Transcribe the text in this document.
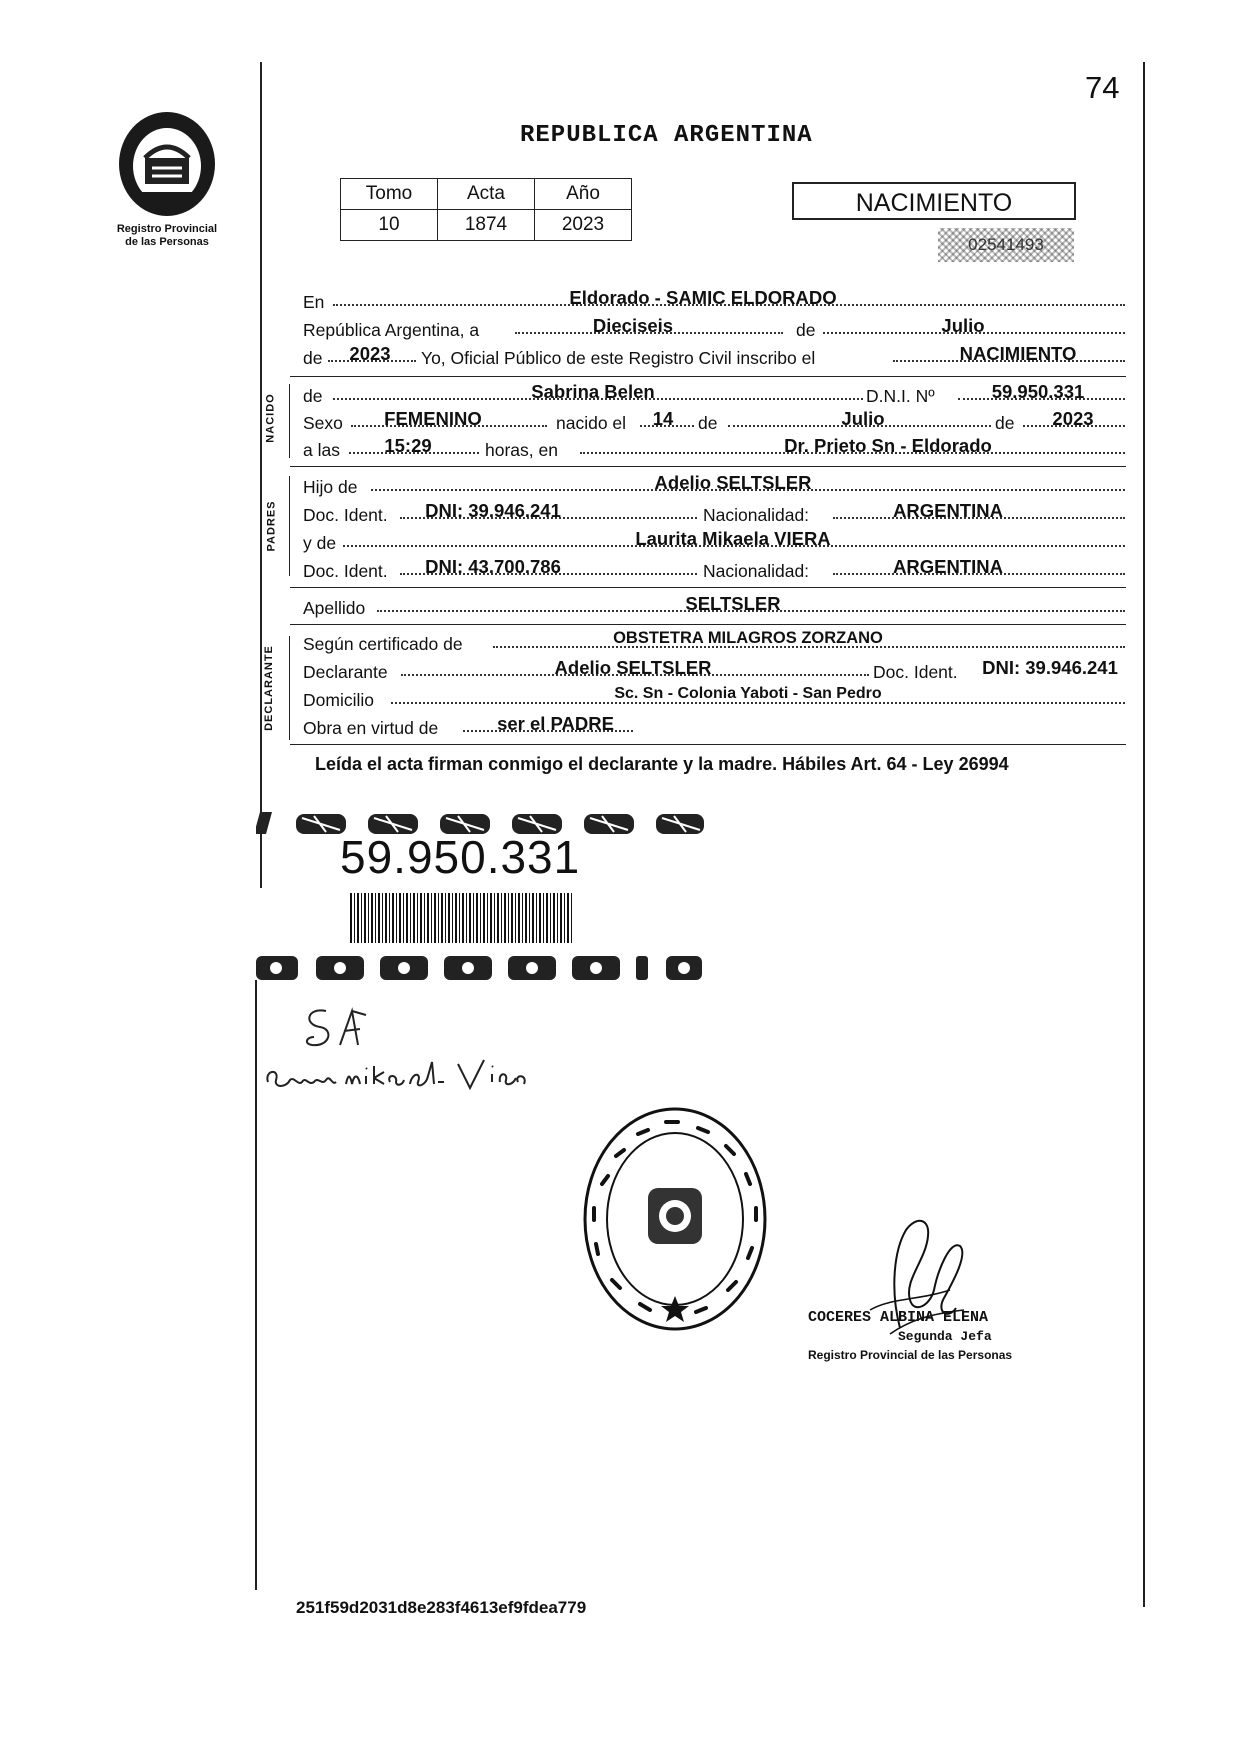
74
Registro Provincial
de las Personas
REPUBLICA ARGENTINA
Tomo	Acta	Año
10	1874	2023
NACIMIENTO
02541493
En	Eldorado - SAMIC ELDORADO
República Argentina, a	Dieciseis	de	Julio
de	2023	Yo, Oficial Público de este Registro Civil inscribo el	NACIMIENTO
NACIDO de	Sabrina Belen	D.N.I. Nº	59.950.331
Sexo	FEMENINO	nacido el	14	de	Julio	de	2023
a las	15:29	horas, en	Dr. Prieto Sn - Eldorado
PADRES
Hijo de	Adelio SELTSLER
Doc. Ident.	DNI: 39.946.241	Nacionalidad:	ARGENTINA
y de	Laurita Mikaela VIERA
Doc. Ident.	DNI: 43.700.786	Nacionalidad:	ARGENTINA
Apellido	SELTSLER
DECLARANTE
Según certificado de	OBSTETRA MILAGROS ZORZANO
Declarante	Adelio SELTSLER	Doc. Ident.	DNI: 39.946.241
Domicilio	Sc. Sn - Colonia Yaboti - San Pedro
Obra en virtud de	ser el PADRE
Leída el acta firman conmigo el declarante y la madre. Hábiles Art. 64 - Ley 26994
59.950.331
COCERES ALBINA ELENA
Segunda Jefa
Registro Provincial de las Personas
251f59d2031d8e283f4613ef9fdea779
